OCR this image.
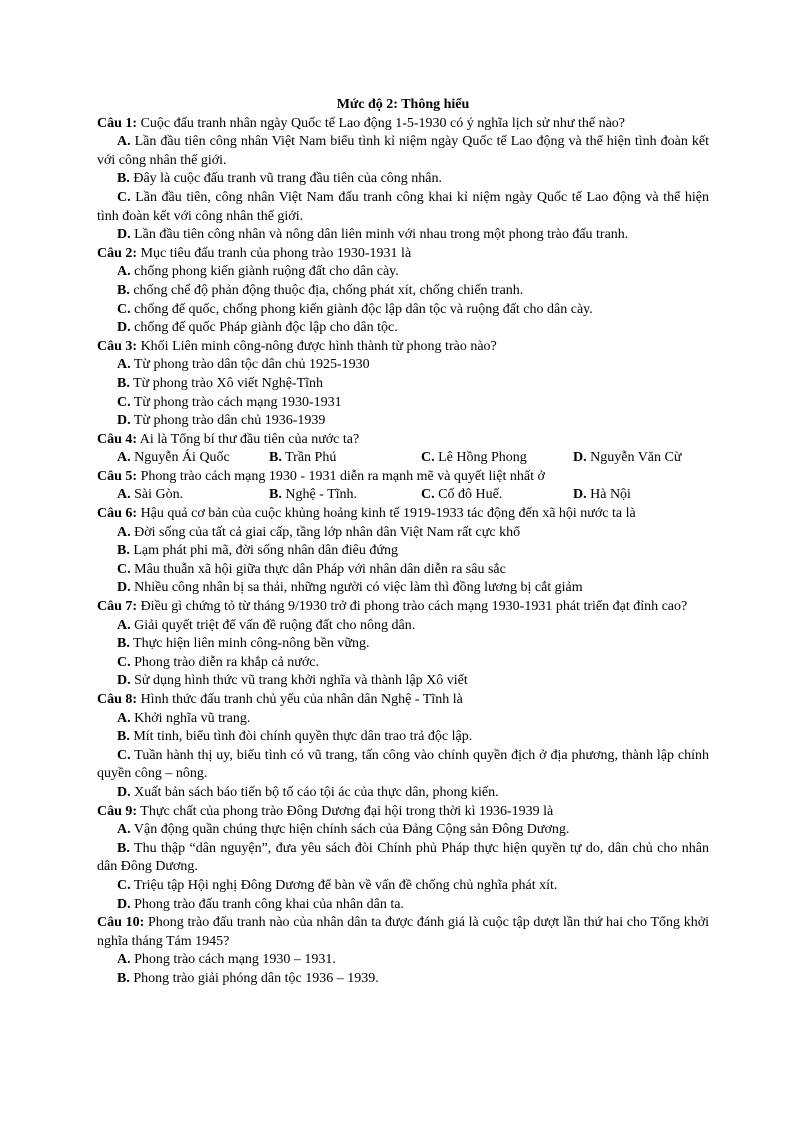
Mức độ 2: Thông hiểu
Câu 1: Cuộc đấu tranh nhân ngày Quốc tế Lao động 1-5-1930 có ý nghĩa lịch sử như thế nào?
A. Lần đầu tiên công nhân Việt Nam biểu tình kỉ niệm ngày Quốc tế Lao động và thể hiện tình đoàn kết với công nhân thế giới.
B. Đây là cuộc đấu tranh vũ trang đầu tiên của công nhân.
C. Lần đầu tiên, công nhân Việt Nam đấu tranh công khai kỉ niệm ngày Quốc tế Lao động và thể hiện tình đoàn kết với công nhân thế giới.
D. Lần đầu tiên công nhân và nông dân liên minh với nhau trong một phong trào đấu tranh.
Câu 2: Mục tiêu đấu tranh của phong trào 1930-1931 là
A. chống phong kiến giành ruộng đất cho dân cày.
B. chống chế độ phản động thuộc địa, chống phát xít, chống chiến tranh.
C. chống đế quốc, chống phong kiến giành độc lập dân tộc và ruộng đất cho dân cày.
D. chống đế quốc Pháp giành độc lập cho dân tộc.
Câu 3: Khối Liên minh công-nông được hình thành từ phong trào nào?
A. Từ phong trào dân tộc dân chủ 1925-1930
B. Từ phong trào Xô viết Nghệ-Tĩnh
C. Từ phong trào cách mạng 1930-1931
D. Từ phong trào dân chủ 1936-1939
Câu 4: Ai là Tổng bí thư đầu tiên của nước ta?
A. Nguyễn Ái Quốc	B. Trần Phú	C. Lê Hồng Phong	D. Nguyễn Văn Cừ
Câu 5: Phong trào cách mạng 1930 - 1931 diễn ra mạnh mẽ và quyết liệt nhất ở
A. Sài Gòn.	B. Nghệ - Tĩnh.	C. Cố đô Huế.	D. Hà Nội
Câu 6: Hậu quả cơ bản của cuộc khủng hoảng kinh tế 1919-1933 tác động đến xã hội nước ta là
A. Đời sống của tất cả giai cấp, tầng lớp nhân dân Việt Nam rất cực khổ
B. Lạm phát phi mã, đời sống nhân dân điêu đứng
C. Mâu thuẫn xã hội giữa thực dân Pháp với nhân dân diễn ra sâu sắc
D. Nhiều công nhân bị sa thải, những người có việc làm thì đồng lương bị cắt giảm
Câu 7: Điều gì chứng tỏ từ tháng 9/1930 trở đi phong trào cách mạng 1930-1931 phát triển đạt đỉnh cao?
A. Giải quyết triệt để vấn đề ruộng đất cho nông dân.
B. Thực hiện liên minh công-nông bền vững.
C. Phong trào diễn ra khắp cả nước.
D. Sử dụng hình thức vũ trang khởi nghĩa và thành lập Xô viết
Câu 8: Hình thức đấu tranh chủ yếu của nhân dân Nghệ - Tĩnh là
A. Khởi nghĩa vũ trang.
B. Mít tinh, biểu tình đòi chính quyền thực dân trao trả độc lập.
C. Tuần hành thị uy, biểu tình có vũ trang, tấn công vào chính quyền địch ở địa phương, thành lập chính quyền công – nông.
D. Xuất bản sách báo tiến bộ tố cáo tội ác của thực dân, phong kiến.
Câu 9: Thực chất của phong trào Đông Dương đại hội trong thời kì 1936-1939 là
A. Vận động quần chúng thực hiện chính sách của Đảng Cộng sản Đông Dương.
B. Thu thập “dân nguyện”, đưa yêu sách đòi Chính phủ Pháp thực hiện quyền tự do, dân chủ cho nhân dân Đông Dương.
C. Triệu tập Hội nghị Đông Dương để bàn về vấn đề chống chủ nghĩa phát xít.
D. Phong trào đấu tranh công khai của nhân dân ta.
Câu 10: Phong trào đấu tranh nào của nhân dân ta được đánh giá là cuộc tập dượt lần thứ hai cho Tổng khởi nghĩa tháng Tám 1945?
A. Phong trào cách mạng 1930 – 1931.
B. Phong trào giải phóng dân tộc 1936 – 1939.
